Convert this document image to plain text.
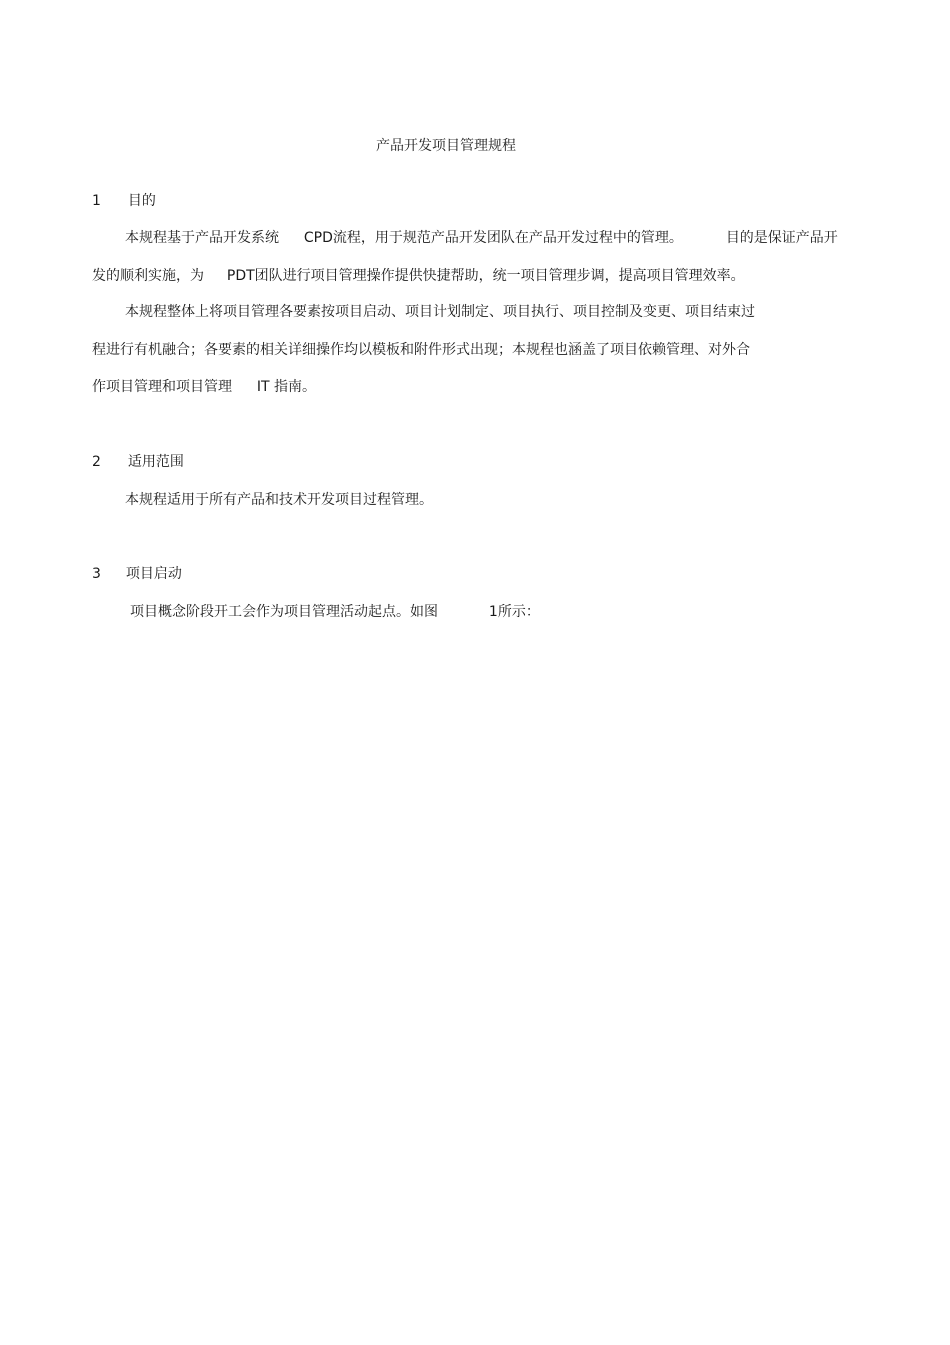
产品开发项目管理规程
1 目的
本规程基于产品开发系统 CPD流程，用于规范产品开发团队在产品开发过程中的管理。	目的是保证产品开
发的顺利实施，为 PDT团队进行项目管理操作提供快捷帮助，统一项目管理步调，提高项目管理效率。
本规程整体上将项目管理各要素按项目启动、项目计划制定、项目执行、项目控制及变更、项目结束过
程进行有机融合；各要素的相关详细操作均以模板和附件形式出现；本规程也涵盖了项目依赖管理、对外合
作项目管理和项目管理 IT 指南。
2 适用范围
本规程适用于所有产品和技术开发项目过程管理。
3 项目启动
项目概念阶段开工会作为项目管理活动起点。如图	1所示：
